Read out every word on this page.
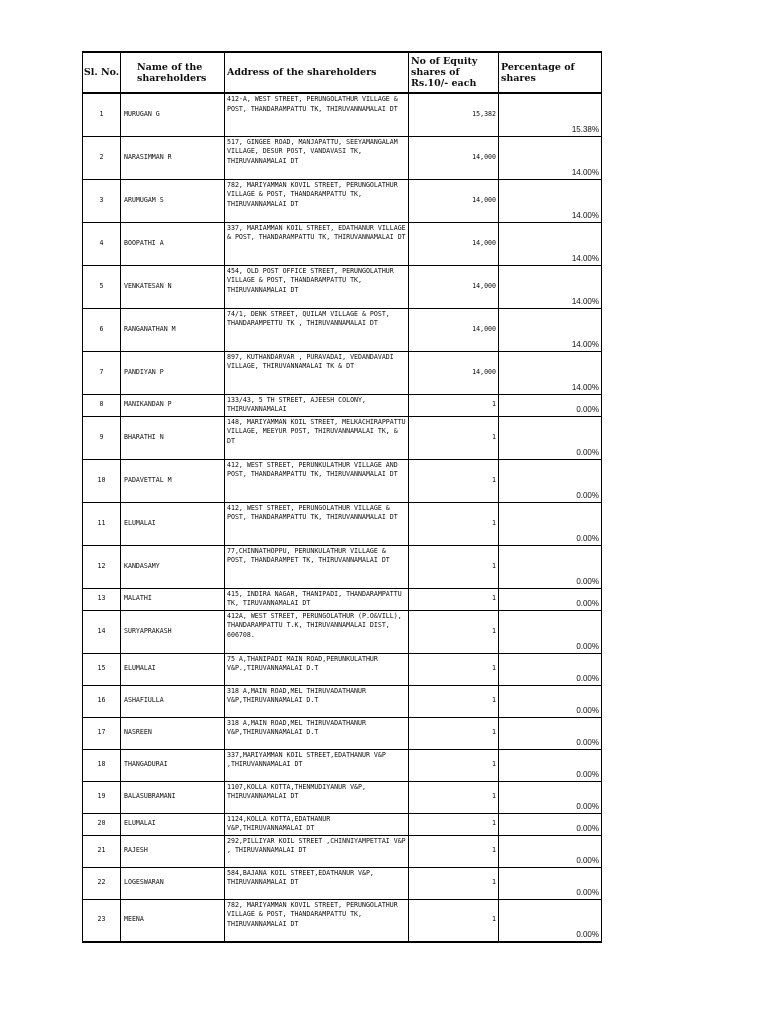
Sl. No.	Name of the shareholders	Address of the shareholders	No of Equity shares of Rs.10/- each	Percentage of shares
1	MURUGAN G	412-A, WEST STREET, PERUNGOLATHUR VILLAGE & POST, THANDARAMPATTU TK, THIRUVANNAMALAI DT	15,382	15.38%

2	NARASIMMAN R	517, GINGEE ROAD, MANJAPATTU, SEEYAMANGALAM VILLAGE, DESUR POST, VANDAVASI TK, THIRUVANNAMALAI DT	14,000	14.00%

3	ARUMUGAM S	782, MARIYAMMAN KOVIL STREET, PERUNGOLATHUR VILLAGE & POST, THANDARAMPATTU TK, THIRUVANNAMALAI DT	14,000	14.00%

4	BOOPATHI A	337, MARIAMMAN KOIL STREET, EDATHANUR VILLAGE & POST, THANDARAMPATTU TK, THIRUVANNAMALAI DT	14,000	14.00%

5	VENKATESAN N	454, OLD POST OFFICE STREET, PERUNGOLATHUR VILLAGE & POST, THANDARAMPATTU TK, THIRUVANNAMALAI DT	14,000	14.00%

6	RANGANATHAN M	74/1, DENK STREET, QUILAM VILLAGE & POST, THANDARAMPETTU TK , THIRUVANNAMALAI DT	14,000	14.00%

7	PANDIYAN P	897, KUTHANDARVAR , PURAVADAI, VEDANDAVADI VILLAGE, THIRUVANNAMALAI TK & DT	14,000	14.00%

8	MANIKANDAN P	133/43, 5 TH STREET, AJEESH COLONY, THIRUVANNAMALAI	1	0.00%

9	BHARATHI N	148, MARIYAMMAN KOIL STREET, MELKACHIRAPPATTU VILLAGE, MEEYUR POST, THIRUVANNAMALAI TK, & DT	1	0.00%

10	PADAVETTAL M	412, WEST STREET, PERUNKULATHUR VILLAGE AND POST, THANDARAMPATTU TK, THIRUVANNAMALAI DT	1	0.00%

11	ELUMALAI	412, WEST STREET, PERUNGOLATHUR VILLAGE & POST, THANDARAMPATTU TK, THIRUVANNAMALAI DT	1	0.00%

12	KANDASAMY	77,CHINNATHOPPU, PERUNKULATHUR VILLAGE & POST, THANDARAMPET TK, THIRUVANNAMALAI DT	1	0.00%

13	MALATHI	415, INDIRA NAGAR, THANIPADI, THANDARAMPATTU TK, TIRUVANNAMALAI DT	1	0.00%

14	SURYAPRAKASH	412A, WEST STREET, PERUNGOLATHUR (P.O&VILL), THANDARAMPATTU T.K, THIRUVANNAMALAI DIST, 606708.	1	0.00%

15	ELUMALAI	75 A,THANIPADI MAIN ROAD,PERUNKULATHUR V&P.,TIRUVANNAMALAI D.T	1	0.00%

16	ASHAFIULLA	318 A,MAIN ROAD,MEL THIRUVADATHANUR V&P,THIRUVANNAMALAI D.T	1	0.00%

17	NASREEN	318 A,MAIN ROAD,MEL THIRUVADATHANUR V&P,THIRUVANNAMALAI D.T	1	0.00%

18	THANGADURAI	337,MARIYAMMAN KOIL STREET,EDATHANUR V&P ,THIRUVANNAMALAI DT	1	0.00%

19	BALASUBRAMANI	1107,KOLLA KOTTA,THENMUDIYANUR V&P, THIRUVANNAMALAI DT	1	0.00%

20	ELUMALAI	1124,KOLLA KOTTA,EDATHANUR V&P,THIRUVANNAMALAI DT	1	0.00%

21	RAJESH	292,PILLIYAR KOIL STREET ,CHINNIYAMPETTAI V&P , THIRUVANNAMALAI DT	1	0.00%

22	LOGESWARAN	584,BAJANA KOIL STREET,EDATHANUR V&P, THIRUVANNAMALAI DT	1	0.00%

23	MEENA	782, MARIYAMMAN KOVIL STREET, PERUNGOLATHUR VILLAGE & POST, THANDARAMPATTU TK, THIRUVANNAMALAI DT	1	0.00%
